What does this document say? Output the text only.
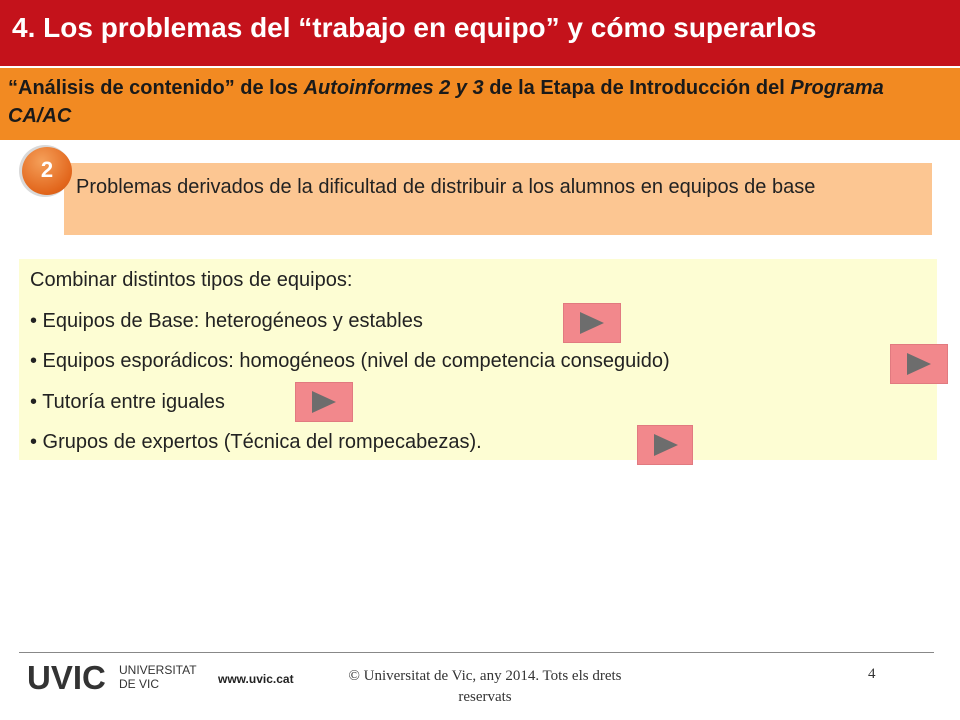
4. Los problemas del “trabajo en equipo” y cómo superarlos
“Análisis de contenido” de los Autoinformes 2 y 3 de la Etapa de Introducción del Programa CA/AC
Problemas derivados de la dificultad de distribuir a los alumnos en equipos de base
2
Combinar distintos tipos de equipos:
• Equipos de Base: heterogéneos y estables
• Equipos esporádicos: homogéneos (nivel de competencia conseguido)
• Tutoría entre iguales
• Grupos de expertos (Técnica del rompecabezas).
UVIC UNIVERSITAT
DE VIC	www.uvic.cat	© Universitat de Vic, any 2014. Tots els drets reservats
4
